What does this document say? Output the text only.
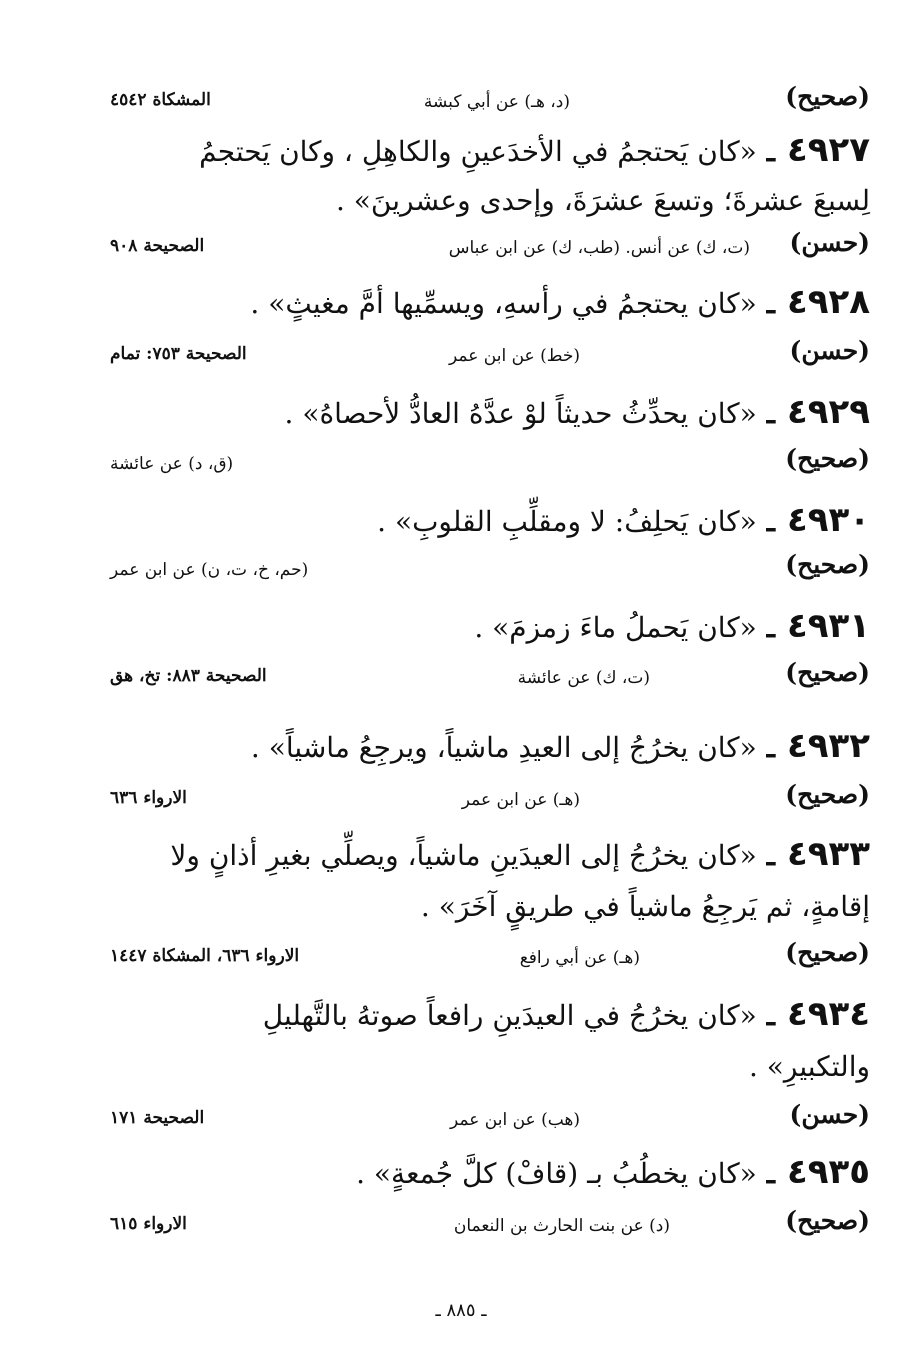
(صحيح)
(د، هـ) عن أبي كبشة
المشكاة ٤٥٤٢
٤٩٢٧ـ«كان يَحتجمُ في الأخدَعينِ والكاهِلِ ، وكان يَحتجمُ
لِسبعَ عشرةَ؛ وتسعَ عشرَةَ، وإحدى وعشرينَ» .
(حسن)
(ت، ك) عن أنس. (طب، ك) عن ابن عباس
الصحيحة ٩٠٨
٤٩٢٨ـ«كان يحتجمُ في رأسهِ، ويسمِّيها أمَّ مغيثٍ» .
(حسن)
(خط) عن ابن عمر
الصحيحة ٧٥٣: تمام
٤٩٢٩ـ«كان يحدِّثُ حديثاً لوْ عدَّهُ العادُّ لأحصاهُ» .
(صحيح)
(ق، د) عن عائشة
٤٩٣٠ـ«كان يَحلِفُ: لا ومقلِّبِ القلوبِ» .
(صحيح)
(حم، خ، ت، ن) عن ابن عمر
٤٩٣١ـ«كان يَحملُ ماءَ زمزمَ» .
(صحيح)
(ت، ك) عن عائشة
الصحيحة ٨٨٣: تخ، هق
٤٩٣٢ـ«كان يخرُجُ إلى العيدِ ماشياً، ويرجِعُ ماشياً» .
(صحيح)
(هـ) عن ابن عمر
الارواء ٦٣٦
٤٩٣٣ـ«كان يخرُجُ إلى العيدَينِ ماشياً، ويصلِّي بغيرِ أذانٍ ولا
إقامةٍ، ثم يَرجِعُ ماشياً في طريقٍ آخَرَ» .
(صحيح)
(هـ) عن أبي رافع
الارواء ٦٣٦، المشكاة ١٤٤٧
٤٩٣٤ـ«كان يخرُجُ في العيدَينِ رافعاً صوتهُ بالتَّهليلِ
والتكبيرِ» .
(حسن)
(هب) عن ابن عمر
الصحيحة ١٧١
٤٩٣٥ـ«كان يخطُبُ بـ (قافْ) كلَّ جُمعةٍ» .
(صحيح)
(د) عن بنت الحارث بن النعمان
الارواء ٦١٥
ـ ٨٨٥ ـ
